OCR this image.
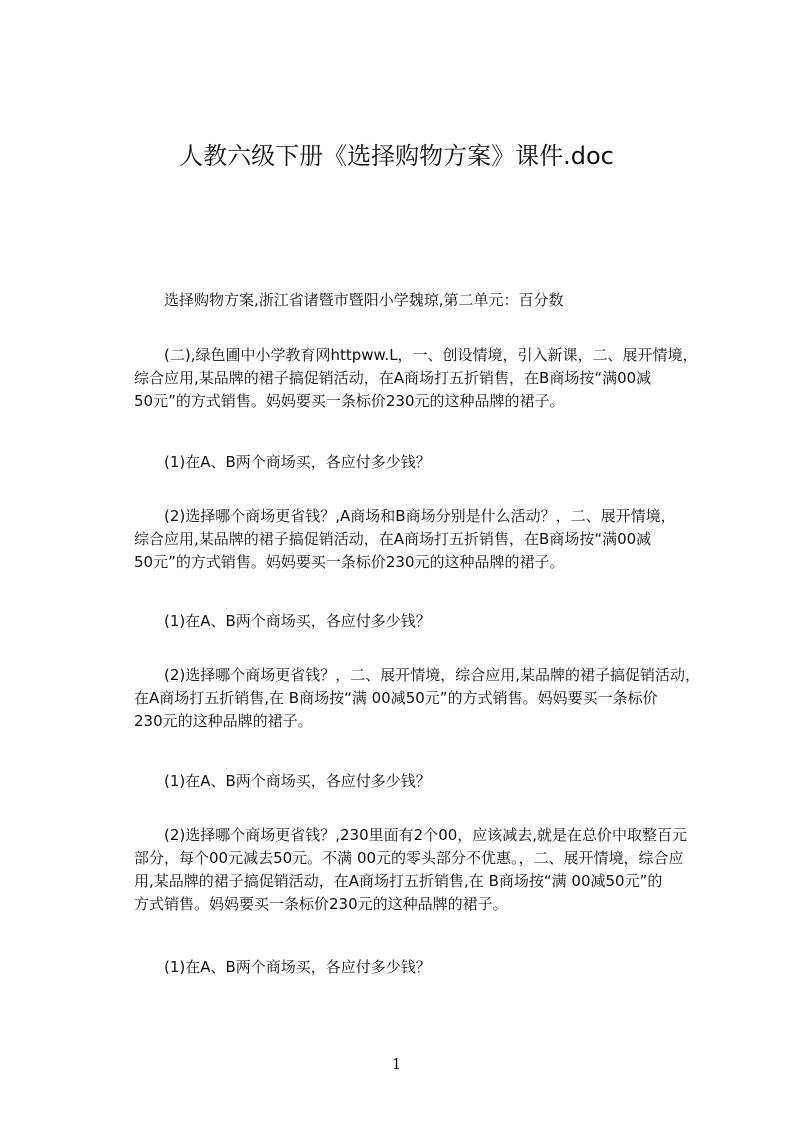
人教六级下册《选择购物方案》课件.doc
选择购物方案,浙江省诸暨市暨阳小学魏琼,第二单元：百分数
(二),绿色圃中小学教育网httpww.L，一、创设情境，引入新课，二、展开情境，
综合应用,某品牌的裙子搞促销活动，在A商场打五折销售，在B商场按“满00减
50元”的方式销售。妈妈要买一条标价230元的这种品牌的裙子。
(1)在A、B两个商场买，各应付多少钱？
(2)选择哪个商场更省钱？,A商场和B商场分别是什么活动？，二、展开情境，
综合应用,某品牌的裙子搞促销活动，在A商场打五折销售，在B商场按“满00减
50元”的方式销售。妈妈要买一条标价230元的这种品牌的裙子。
(1)在A、B两个商场买，各应付多少钱？
(2)选择哪个商场更省钱？，二、展开情境，综合应用,某品牌的裙子搞促销活动，
在A商场打五折销售,在 B商场按“满 00减50元”的方式销售。妈妈要买一条标价
230元的这种品牌的裙子。
(1)在A、B两个商场买，各应付多少钱？
(2)选择哪个商场更省钱？,230里面有2个00，应该减去,就是在总价中取整百元
部分，每个00元减去50元。不满 00元的零头部分不优惠。，二、展开情境，综合应
用,某品牌的裙子搞促销活动，在A商场打五折销售,在 B商场按“满 00减50元”的
方式销售。妈妈要买一条标价230元的这种品牌的裙子。
(1)在A、B两个商场买，各应付多少钱？
1
